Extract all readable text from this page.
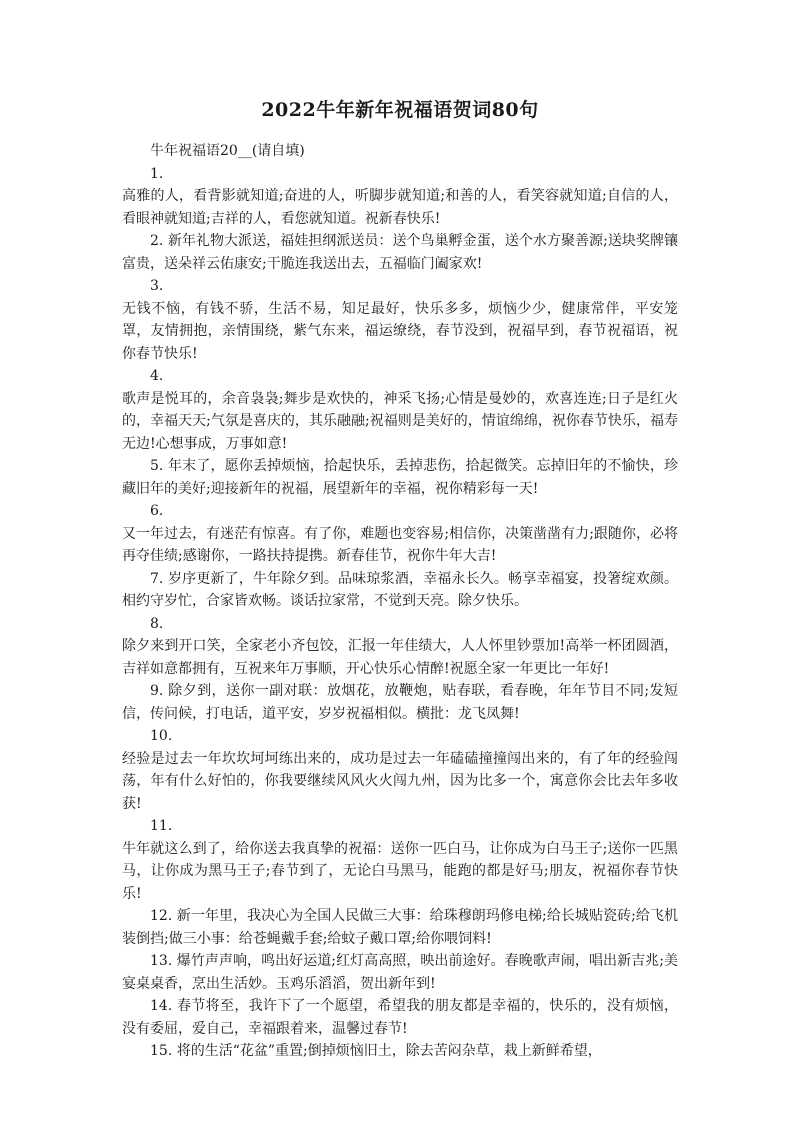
2022牛年新年祝福语贺词80句

牛年祝福语20__(请自填)

1.

高雅的人，看背影就知道;奋进的人，听脚步就知道;和善的人，看笑容就知道;自信的人，看眼神就知道;吉祥的人，看您就知道。祝新春快乐!

2. 新年礼物大派送，福娃担纲派送员：送个鸟巢孵金蛋，送个水方聚善源;送块奖牌镶富贵，送朵祥云佑康安;干脆连我送出去，五福临门阖家欢!

3.

无钱不恼，有钱不骄，生活不易，知足最好，快乐多多，烦恼少少，健康常伴，平安笼罩，友情拥抱，亲情围绕，紫气东来，福运缭绕，春节没到，祝福早到，春节祝福语，祝你春节快乐!

4.

歌声是悦耳的，余音袅袅;舞步是欢快的，神采飞扬;心情是曼妙的，欢喜连连;日子是红火的，幸福天天;气氛是喜庆的，其乐融融;祝福则是美好的，情谊绵绵，祝你春节快乐，福寿无边!心想事成，万事如意!

5. 年末了，愿你丢掉烦恼，拾起快乐，丢掉悲伤，拾起微笑。忘掉旧年的不愉快，珍藏旧年的美好;迎接新年的祝福，展望新年的幸福，祝你精彩每一天!

6.

又一年过去，有迷茫有惊喜。有了你，难题也变容易;相信你，决策凿凿有力;跟随你，必将再夺佳绩;感谢你，一路扶持提携。新春佳节，祝你牛年大吉!

7. 岁序更新了，牛年除夕到。品味琼浆酒，幸福永长久。畅享幸福宴，投箸绽欢颜。相约守岁忙，合家皆欢畅。谈话拉家常，不觉到天亮。除夕快乐。

8.

除夕来到开口笑，全家老小齐包饺，汇报一年佳绩大，人人怀里钞票加!高举一杯团圆酒，吉祥如意都拥有，互祝来年万事顺，开心快乐心情醉!祝愿全家一年更比一年好!

9. 除夕到，送你一副对联：放烟花，放鞭炮，贴春联，看春晚，年年节目不同;发短信，传问候，打电话，道平安，岁岁祝福相似。横批：龙飞凤舞!

10.

经验是过去一年坎坎坷坷练出来的，成功是过去一年磕磕撞撞闯出来的，有了年的经验闯荡，年有什么好怕的，你我要继续风风火火闯九州，因为比多一个，寓意你会比去年多收获!

11.

牛年就这么到了，给你送去我真挚的祝福：送你一匹白马，让你成为白马王子;送你一匹黑马，让你成为黑马王子;春节到了，无论白马黑马，能跑的都是好马;朋友，祝福你春节快乐!

12. 新一年里，我决心为全国人民做三大事：给珠穆朗玛修电梯;给长城贴瓷砖;给飞机装倒挡;做三小事：给苍蝇戴手套;给蚊子戴口罩;给你喂饲料!

13. 爆竹声声响，鸣出好运道;红灯高高照，映出前途好。春晚歌声闹，唱出新吉兆;美宴桌桌香，烹出生活妙。玉鸡乐滔滔，贺出新年到!

14. 春节将至，我许下了一个愿望，希望我的朋友都是幸福的，快乐的，没有烦恼，没有委屈，爱自己，幸福跟着来，温馨过春节!

15. 将的生活“花盆”重置;倒掉烦恼旧土，除去苦闷杂草，栽上新鲜希望，
